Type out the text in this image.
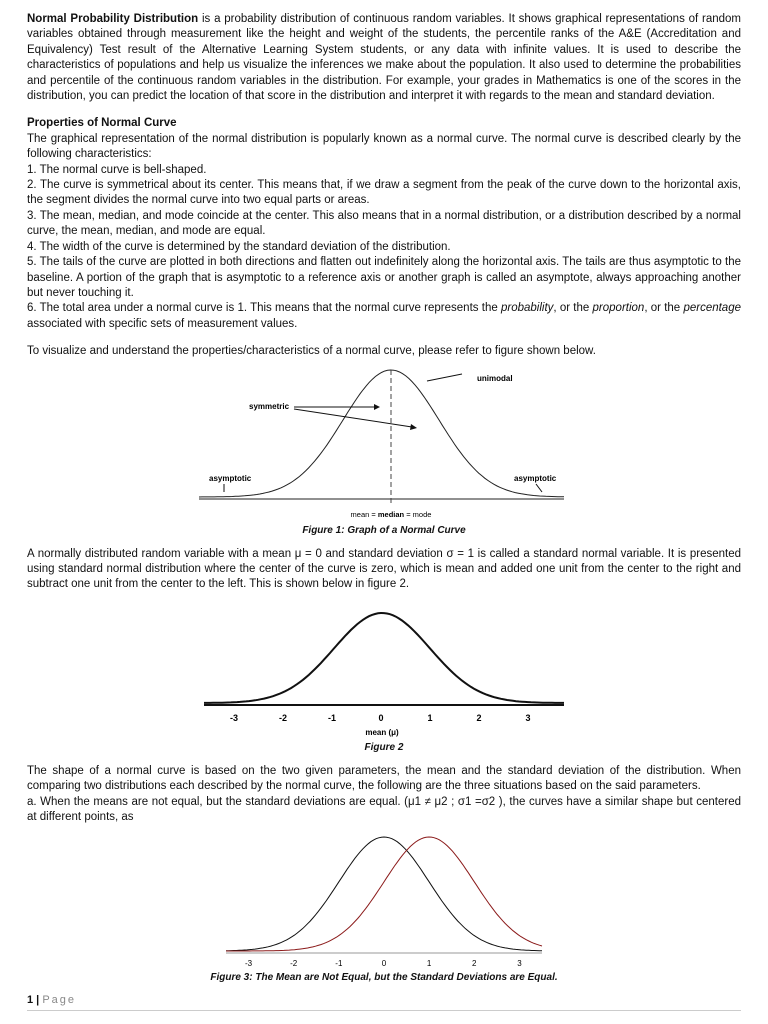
Normal Probability Distribution is a probability distribution of continuous random variables. It shows graphical representations of random variables obtained through measurement like the height and weight of the students, the percentile ranks of the A&E (Accreditation and Equivalency) Test result of the Alternative Learning System students, or any data with infinite values. It is used to describe the characteristics of populations and help us visualize the inferences we make about the population. It also used to determine the probabilities and percentile of the continuous random variables in the distribution. For example, your grades in Mathematics is one of the scores in the distribution, you can predict the location of that score in the distribution and interpret it with regards to the mean and standard deviation.

Properties of Normal Curve

The graphical representation of the normal distribution is popularly known as a normal curve. The normal curve is described clearly by the following characteristics:

1. The normal curve is bell-shaped.

2. The curve is symmetrical about its center. This means that, if we draw a segment from the peak of the curve down to the horizontal axis, the segment divides the normal curve into two equal parts or areas.

3. The mean, median, and mode coincide at the center. This also means that in a normal distribution, or a distribution described by a normal curve, the mean, median, and mode are equal.

4. The width of the curve is determined by the standard deviation of the distribution.

5. The tails of the curve are plotted in both directions and flatten out indefinitely along the horizontal axis. The tails are thus asymptotic to the baseline. A portion of the graph that is asymptotic to a reference axis or another graph is called an asymptote, always approaching another but never touching it.

6. The total area under a normal curve is 1. This means that the normal curve represents the probability, or the proportion, or the percentage associated with specific sets of measurement values.

To visualize and understand the properties/characteristics of a normal curve, please refer to figure shown below.
unimodal
symmetric
asymptotic	asymptotic
mean = median = mode
Figure 1: Graph of a Normal Curve
A normally distributed random variable with a mean μ = 0 and standard deviation σ = 1 is called a standard normal variable. It is presented using standard normal distribution where the center of the curve is zero, which is mean and added one unit from the center to the right and subtract one unit from the center to the left. This is shown below in figure 2.
-3	-2	-1	0	1	2	3
mean (μ)
Figure 2

The shape of a normal curve is based on the two given parameters, the mean and the standard deviation of the distribution. When comparing two distributions each described by the normal curve, the following are the three situations based on the said parameters.

a. When the means are not equal, but the standard deviations are equal. (μ1 ≠ μ2 ; σ1 =σ2 ), the curves have a similar shape but centered at different points, as

-3	-2	-1	0	1	2	3
Figure 3: The Mean are Not Equal, but the Standard Deviations are Equal.
1 | Page
